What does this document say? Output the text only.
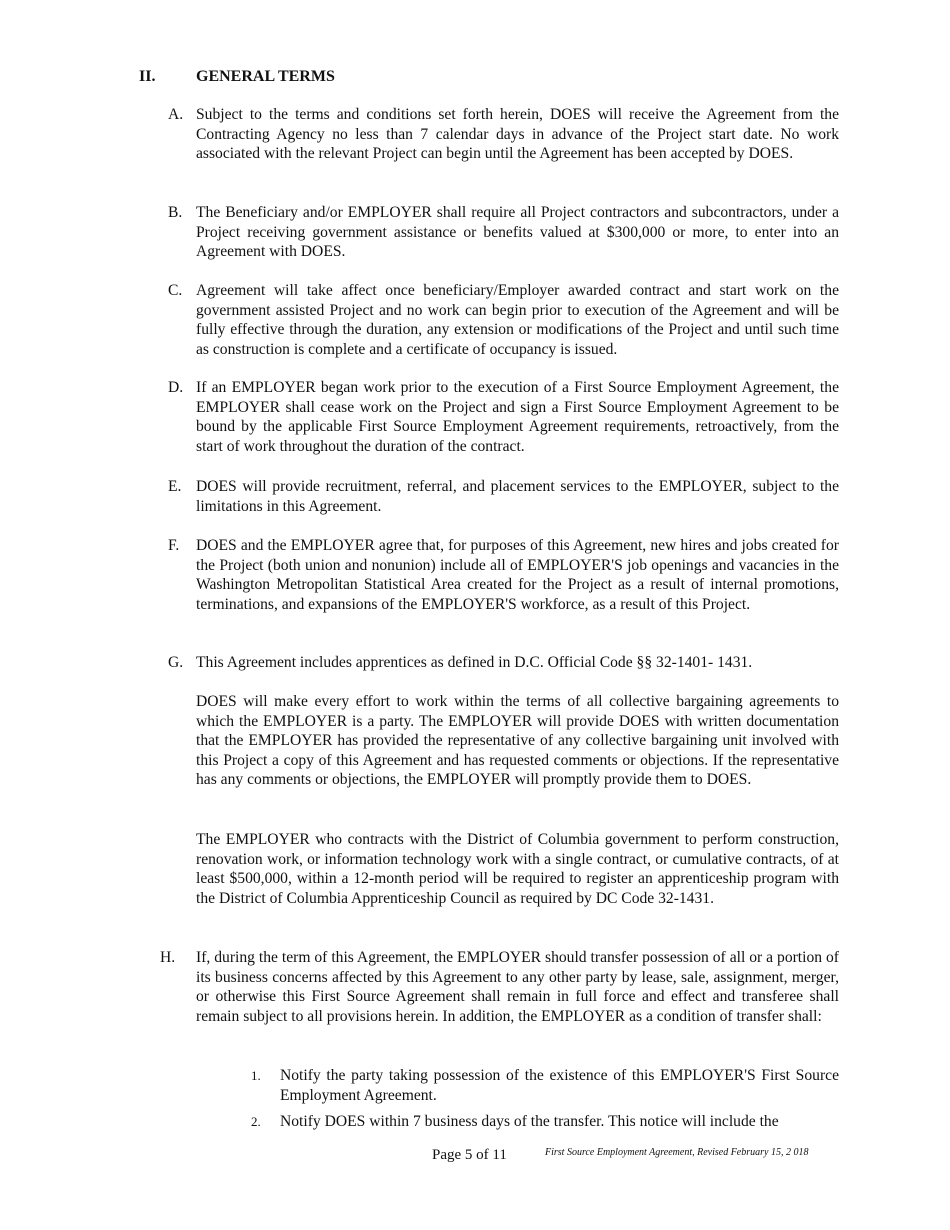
II.	GENERAL TERMS
A. Subject to the terms and conditions set forth herein, DOES will receive the Agreement from the Contracting Agency no less than 7 calendar days in advance of the Project start date. No work associated with the relevant Project can begin until the Agreement has been accepted by DOES.
B. The Beneficiary and/or EMPLOYER shall require all Project contractors and subcontractors, under a Project receiving government assistance or benefits valued at $300,000 or more, to enter into an Agreement with DOES.
C. Agreement will take affect once beneficiary/Employer awarded contract and start work on the government assisted Project and no work can begin prior to execution of the Agreement and will be fully effective through the duration, any extension or modifications of the Project and until such time as construction is complete and a certificate of occupancy is issued.
D. If an EMPLOYER began work prior to the execution of a First Source Employment Agreement, the EMPLOYER shall cease work on the Project and sign a First Source Employment Agreement to be bound by the applicable First Source Employment Agreement requirements, retroactively, from the start of work throughout the duration of the contract.
E. DOES will provide recruitment, referral, and placement services to the EMPLOYER, subject to the limitations in this Agreement.
F.	DOES and the EMPLOYER agree that, for purposes of this Agreement, new hires and jobs created for the Project (both union and nonunion) include all of EMPLOYER'S job openings and vacancies in the Washington Metropolitan Statistical Area created for the Project as a result of internal promotions, terminations, and expansions of the EMPLOYER'S workforce, as a result of this Project.
G. This Agreement includes apprentices as defined in D.C. Official Code §§ 32-1401- 1431.
DOES will make every effort to work within the terms of all collective bargaining agreements to which the EMPLOYER is a party. The EMPLOYER will provide DOES with written documentation that the EMPLOYER has provided the representative of any collective bargaining unit involved with this Project a copy of this Agreement and has requested comments or objections. If the representative has any comments or objections, the EMPLOYER will promptly provide them to DOES.
The EMPLOYER who contracts with the District of Columbia government to perform construction, renovation work, or information technology work with a single contract, or cumulative contracts, of at least $500,000, within a 12-month period will be required to register an apprenticeship program with the District of Columbia Apprenticeship Council as required by DC Code 32-1431.
H.	If, during the term of this Agreement, the EMPLOYER should transfer possession of all or a portion of its business concerns affected by this Agreement to any other party by lease, sale, assignment, merger, or otherwise this First Source Agreement shall remain in full force and effect and transferee shall remain subject to all provisions herein. In addition, the EMPLOYER as a condition of transfer shall:
1. Notify the party taking possession of the existence of this EMPLOYER'S First Source Employment Agreement.
2. Notify DOES within 7 business days of the transfer. This notice will include the
Page 5 of 11	First Source Employment Agreement, Revised February 15, 2 018
